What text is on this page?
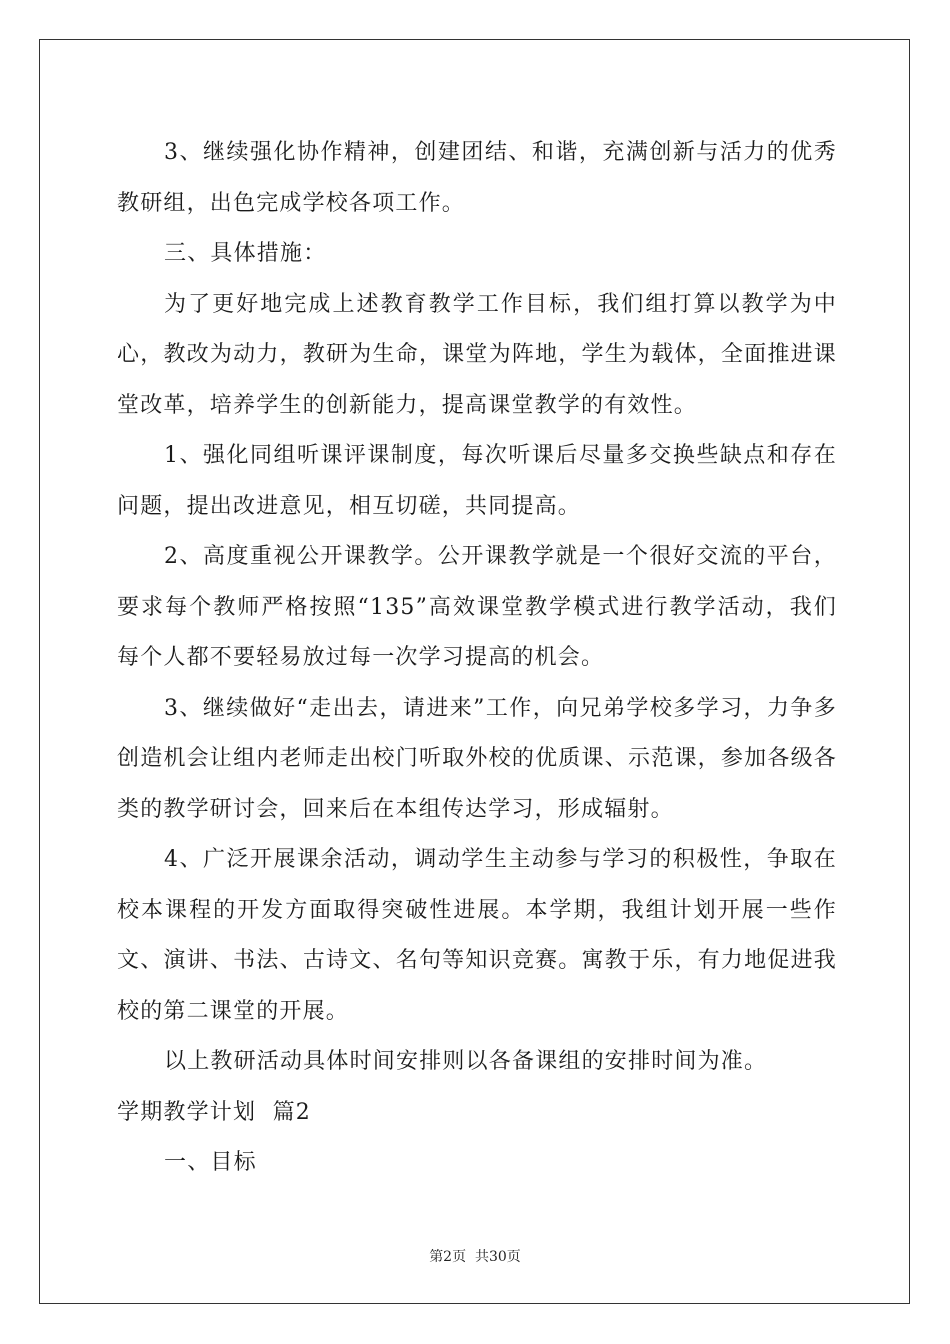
3、继续强化协作精神，创建团结、和谐，充满创新与活力的优秀教研组，出色完成学校各项工作。

三、具体措施：

为了更好地完成上述教育教学工作目标，我们组打算以教学为中心，教改为动力，教研为生命，课堂为阵地，学生为载体，全面推进课堂改革，培养学生的创新能力，提高课堂教学的有效性。

1、强化同组听课评课制度，每次听课后尽量多交换些缺点和存在问题，提出改进意见，相互切磋，共同提高。

2、高度重视公开课教学。公开课教学就是一个很好交流的平台，要求每个教师严格按照“135”高效课堂教学模式进行教学活动，我们每个人都不要轻易放过每一次学习提高的机会。

3、继续做好“走出去，请进来”工作，向兄弟学校多学习，力争多创造机会让组内老师走出校门听取外校的优质课、示范课，参加各级各类的教学研讨会，回来后在本组传达学习，形成辐射。

4、广泛开展课余活动，调动学生主动参与学习的积极性，争取在校本课程的开发方面取得突破性进展。本学期，我组计划开展一些作文、演讲、书法、古诗文、名句等知识竞赛。寓教于乐，有力地促进我校的第二课堂的开展。

以上教研活动具体时间安排则以各备课组的安排时间为准。

学期教学计划  篇2

一、目标

第2页  共30页
